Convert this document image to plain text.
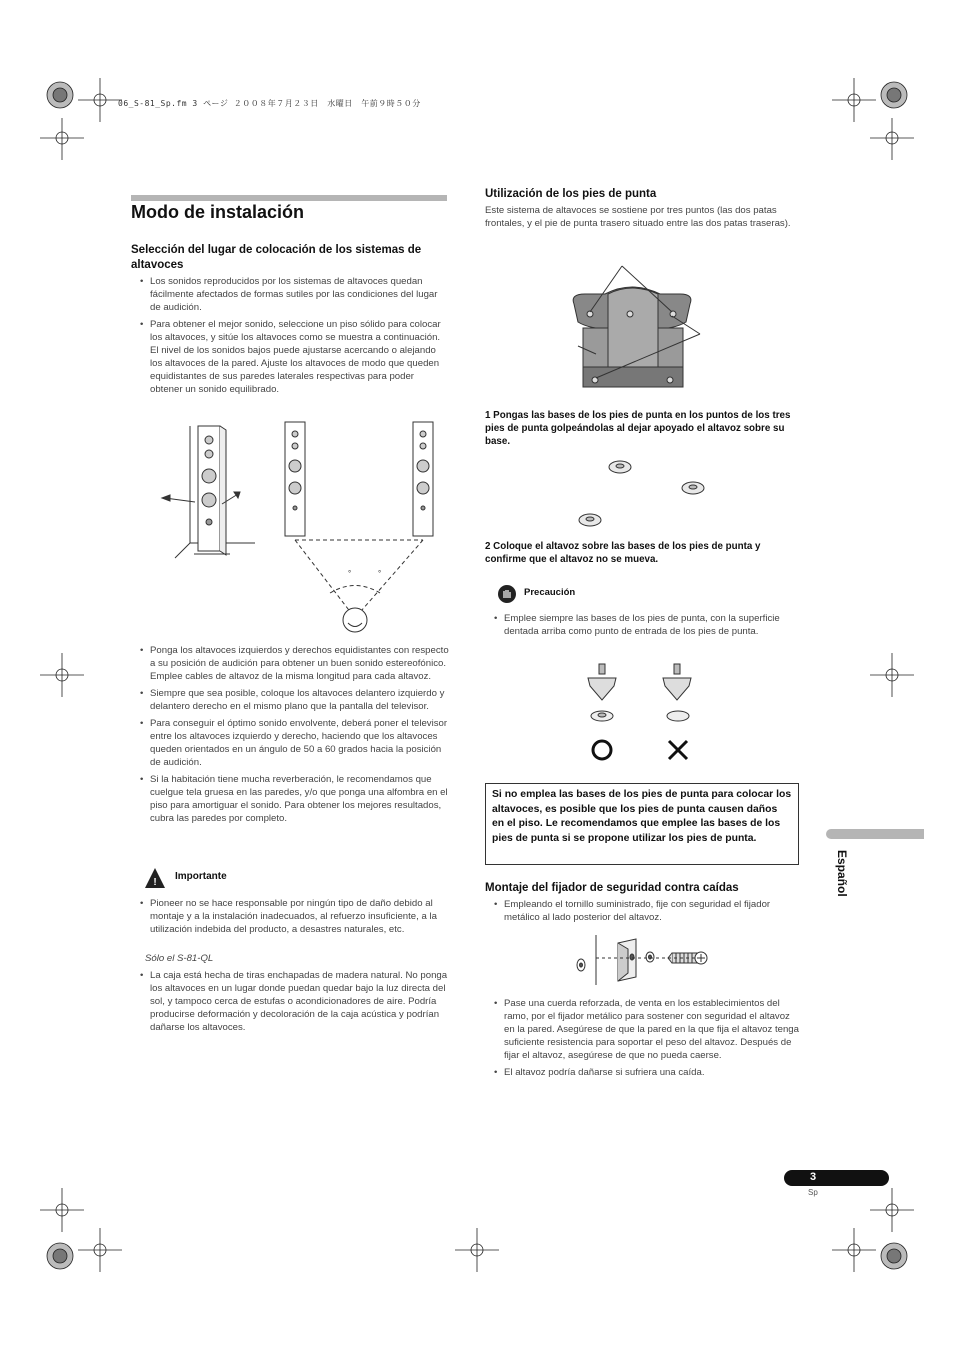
06_S-81_Sp.fm 3 ページ ２００８年７月２３日　水曜日　午前９時５０分
Modo de instalación
Selección del lugar de colocación de los sistemas de altavoces
• Los sonidos reproducidos por los sistemas de altavoces quedan fácilmente afectados de formas sutiles por las condiciones del lugar de audición.
• Para obtener el mejor sonido, seleccione un piso sólido para colocar los altavoces, y sitúe los altavoces como se muestra a continuación. El nivel de los sonidos bajos puede ajustarse acercando o alejando los altavoces de la pared. Ajuste los altavoces de modo que queden equidistantes de sus paredes laterales respectivas para poder obtener un sonido equilibrado.
°	°
• Ponga los altavoces izquierdos y derechos equidistantes con respecto a su posición de audición para obtener un buen sonido estereofónico. Emplee cables de altavoz de la misma longitud para cada altavoz.
• Siempre que sea posible, coloque los altavoces delantero izquierdo y delantero derecho en el mismo plano que la pantalla del televisor.
• Para conseguir el óptimo sonido envolvente, deberá poner el televisor entre los altavoces izquierdo y derecho, haciendo que los altavoces queden orientados en un ángulo de 50 a 60 grados hacia la posición de audición.
• Si la habitación tiene mucha reverberación, le recomendamos que cuelgue tela gruesa en las paredes, y/o que ponga una alfombra en el piso para amortiguar el sonido. Para obtener los mejores resultados, cubra las paredes por completo.
!
Importante
• Pioneer no se hace responsable por ningún tipo de daño debido al montaje y a la instalación inadecuados, al refuerzo insuficiente, a la utilización indebida del producto, a desastres naturales, etc.
Sólo el S-81-QL
• La caja está hecha de tiras enchapadas de madera natural. No ponga los altavoces en un lugar donde puedan quedar bajo la luz directa del sol, y tampoco cerca de estufas o acondicionadores de aire. Podría producirse deformación y decoloración de la caja acústica y podrían dañarse los altavoces.
Utilización de los pies de punta
Este sistema de altavoces se sostiene por tres puntos (las dos patas frontales, y el pie de punta trasero situado entre las dos patas traseras).
1 Pongas las bases de los pies de punta en los puntos de los tres pies de punta golpeándolas al dejar apoyado el altavoz sobre su base.
2 Coloque el altavoz sobre las bases de los pies de punta y confirme que el altavoz no se mueva.
Precaución
• Emplee siempre las bases de los pies de punta, con la superficie dentada arriba como punto de entrada de los pies de punta.
Si no emplea las bases de los pies de punta para colocar los altavoces, es posible que los pies de punta causen daños en el piso. Le recomendamos que emplee las bases de los pies de punta si se propone utilizar los pies de punta.
Montaje del fijador de seguridad contra caídas
• Empleando el tornillo suministrado, fije con seguridad el fijador metálico al lado posterior del altavoz.
• Pase una cuerda reforzada, de venta en los establecimientos del ramo, por el fijador metálico para sostener con seguridad el altavoz en la pared. Asegúrese de que la pared en la que fija el altavoz tenga suficiente resistencia para soportar el peso del altavoz. Después de fijar el altavoz, asegúrese de que no pueda caerse.
• El altavoz podría dañarse si sufriera una caída.
Español
3
Sp
